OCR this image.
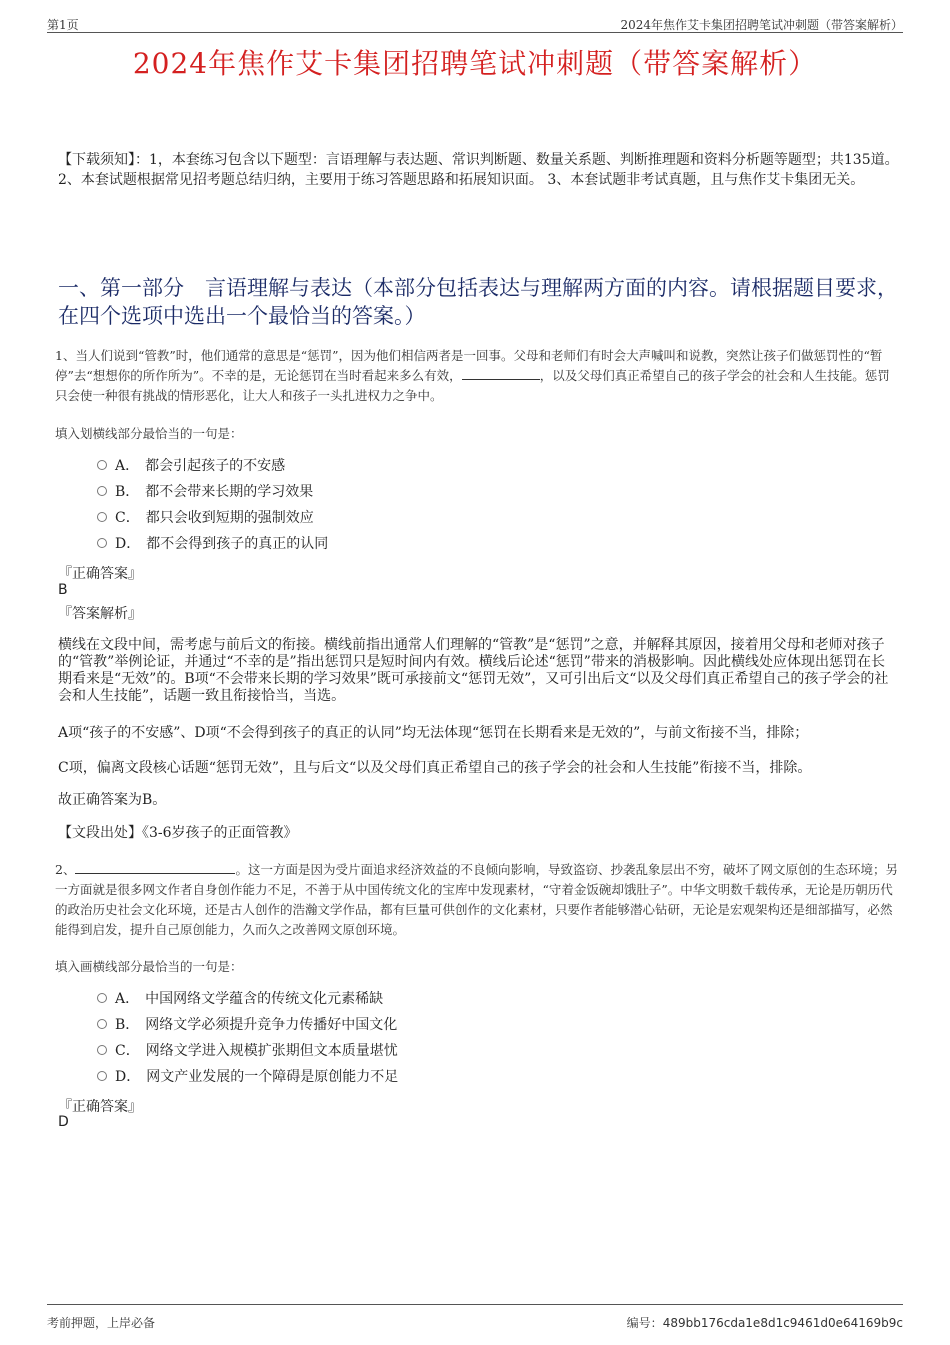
第1页	2024年焦作艾卡集团招聘笔试冲刺题（带答案解析）
2024年焦作艾卡集团招聘笔试冲刺题（带答案解析）
【下载须知】：1，本套练习包含以下题型：言语理解与表达题、常识判断题、数量关系题、判断推理题和资料分析题等题型；共135道。 2、本套试题根据常见招考题总结归纳，主要用于练习答题思路和拓展知识面。 3、本套试题非考试真题，且与焦作艾卡集团无关。
一、第一部分　言语理解与表达（本部分包括表达与理解两方面的内容。请根据题目要求，在四个选项中选出一个最恰当的答案。）
1、当人们说到“管教”时，他们通常的意思是“惩罚”，因为他们相信两者是一回事。父母和老师们有时会大声喊叫和说教，突然让孩子们做惩罚性的“暂停”去“想想你的所作所为”。不幸的是，无论惩罚在当时看起来多么有效，	，以及父母们真正希望自己的孩子学会的社会和人生技能。惩罚只会使一种很有挑战的情形恶化，让大人和孩子一头扎进权力之争中。
填入划横线部分最恰当的一句是：
A． 都会引起孩子的不安感
B． 都不会带来长期的学习效果
C． 都只会收到短期的强制效应
D． 都不会得到孩子的真正的认同
『正确答案』
B
『答案解析』
横线在文段中间，需考虑与前后文的衔接。横线前指出通常人们理解的“管教”是“惩罚”之意，并解释其原因，接着用父母和老师对孩子的“管教”举例论证，并通过“不幸的是”指出惩罚只是短时间内有效。横线后论述“惩罚”带来的消极影响。因此横线处应体现出惩罚在长期看来是“无效”的。B项“不会带来长期的学习效果”既可承接前文“惩罚无效”，又可引出后文“以及父母们真正希望自己的孩子学会的社会和人生技能”，话题一致且衔接恰当，当选。
A项“孩子的不安感”、D项“不会得到孩子的真正的认同”均无法体现“惩罚在长期看来是无效的”，与前文衔接不当，排除；
C项，偏离文段核心话题“惩罚无效”，且与后文“以及父母们真正希望自己的孩子学会的社会和人生技能”衔接不当，排除。
故正确答案为B。
【文段出处】《3-6岁孩子的正面管教》
2、	。这一方面是因为受片面追求经济效益的不良倾向影响，导致盗窃、抄袭乱象层出不穷，破坏了网文原创的生态环境；另一方面就是很多网文作者自身创作能力不足，不善于从中国传统文化的宝库中发现素材，“守着金饭碗却饿肚子”。中华文明数千载传承，无论是历朝历代的政治历史社会文化环境，还是古人创作的浩瀚文学作品，都有巨量可供创作的文化素材，只要作者能够潜心钻研，无论是宏观架构还是细部描写，必然能得到启发，提升自己原创能力，久而久之改善网文原创环境。
填入画横线部分最恰当的一句是：
A． 中国网络文学蕴含的传统文化元素稀缺
B． 网络文学必须提升竞争力传播好中国文化
C． 网络文学进入规模扩张期但文本质量堪忧
D． 网文产业发展的一个障碍是原创能力不足
『正确答案』
D
考前押题，上岸必备	编号：489bb176cda1e8d1c9461d0e64169b9c
